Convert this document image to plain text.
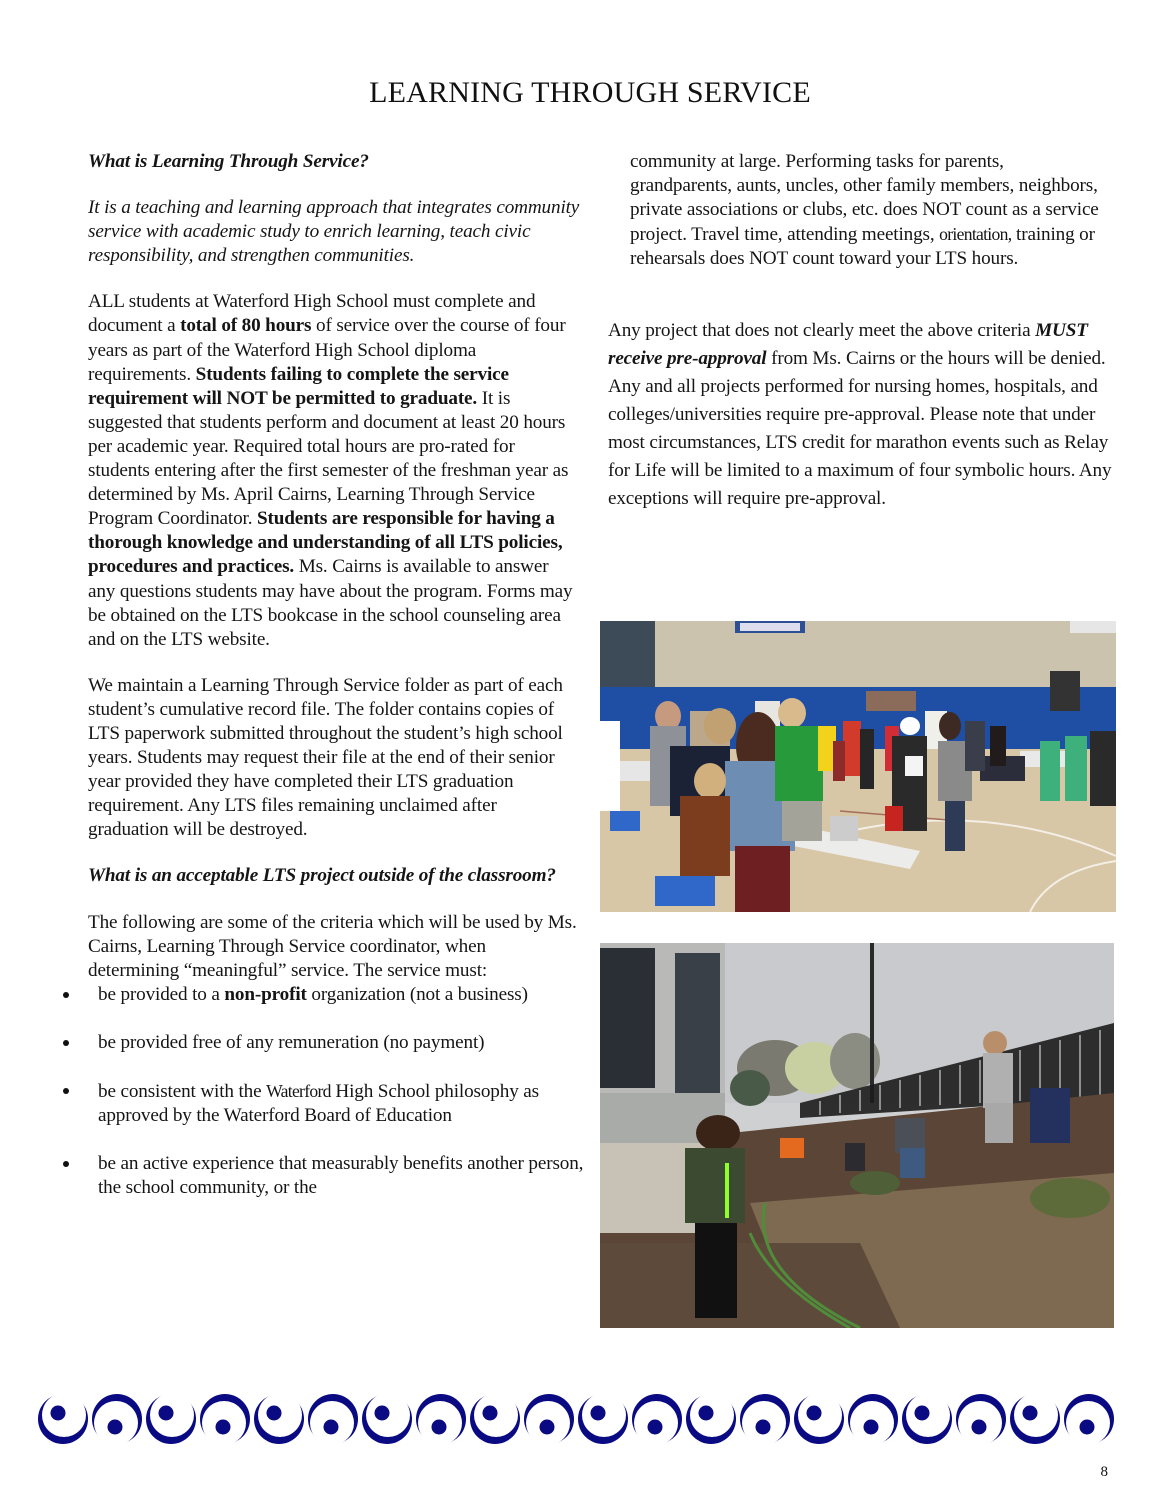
LEARNING THROUGH SERVICE

What is Learning Through Service?

It is a teaching and learning approach that integrates community service with academic study to enrich learning, teach civic responsibility, and strengthen communities.

ALL students at Waterford High School must complete and document a total of 80 hours of service over the course of four years as part of the Waterford High School diploma requirements. Students failing to complete the service requirement will NOT be permitted to graduate. It is suggested that students perform and document at least 20 hours per academic year. Required total hours are pro-rated for students entering after the first semester of the freshman year as determined by Ms. April Cairns, Learning Through Service Program Coordinator. Students are responsible for having a thorough knowledge and understanding of all LTS policies, procedures and practices. Ms. Cairns is available to answer any questions students may have about the program. Forms may be obtained on the LTS bookcase in the school counseling area and on the LTS website.

We maintain a Learning Through Service folder as part of each student’s cumulative record file. The folder contains copies of LTS paperwork submitted throughout the student’s high school years. Students may request their file at the end of their senior year provided they have completed their LTS graduation requirement. Any LTS files remaining unclaimed after graduation will be destroyed.

What is an acceptable LTS project outside of the classroom?

The following are some of the criteria which will be used by Ms. Cairns, Learning Through Service coordinator, when determining “meaningful” service. The service must:

be provided to a non-profit organization (not a business)
be provided free of any remuneration (no payment)
be consistent with the Waterford High School philosophy as approved by the Waterford Board of Education
be an active experience that measurably benefits another person, the school community, or the

community at large. Performing tasks for parents, grandparents, aunts, uncles, other family members, neighbors, private associations or clubs, etc. does NOT count as a service project. Travel time, attending meetings, orientation, training or rehearsals does NOT count toward your LTS hours.

Any project that does not clearly meet the above criteria MUST receive pre-approval from Ms. Cairns or the hours will be denied. Any and all projects performed for nursing homes, hospitals, and colleges/universities require pre-approval. Please note that under most circumstances, LTS credit for marathon events such as Relay for Life will be limited to a maximum of four symbolic hours. Any exceptions will require pre-approval.

8
